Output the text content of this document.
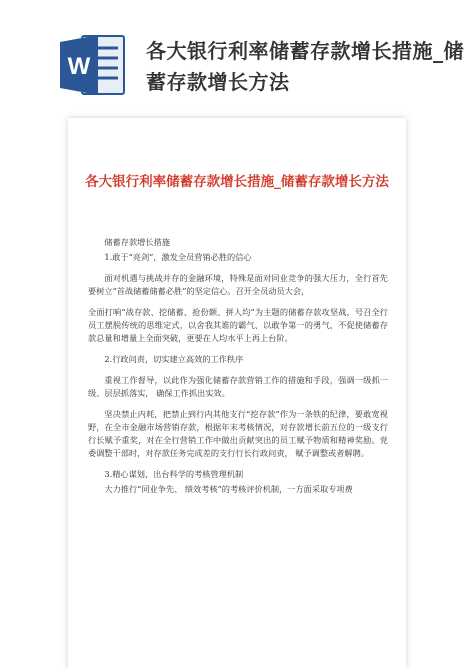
W
各大银行利率储蓄存款增长措施_储蓄存款增长方法
各大银行利率储蓄存款增长措施_储蓄存款增长方法

储蓄存款增长措施

1.敢于“亮剑”，激发全员营销必胜的信心

面对机遇与挑战并存的金融环境，特殊是面对同业竞争的强大压力，全行首先要树立“首战储蓄储蓄必胜”的坚定信心。召开全员动员大会，

全面打响“战存款、挖储蓄、抢份额、拼人均”为主题的储蓄存款攻坚战，号召全行员工摆脱传统的思维定式，以舍我其谁的霸气、以敢争第一的勇气，不促使储蓄存款总量和增量上全面突破，更要在人均水平上再上台阶。

2.行政问责，切实建立高效的工作秩序

重视工作督导，以此作为强化储蓄存款营销工作的措施和手段，强调一级抓一级、层层抓落实， 确保工作抓出实效。

坚决禁止内耗，把禁止到行内其他支行“挖存款”作为一条铁的纪律，要敢宽视野，在全市金融市场营销存款，根据年末考核情况，对存款增长前五位的一级支行行长赋予重奖，对在全行营销工作中做出贡献突出的员工赋予物质和精神奖励。党委调整干部时，对存款任务完成差的支行行长行政问责， 赋予调整或者解聘。

3.精心谋划，出台科学的考核管理机制

大力推行“同业争先、 绩效考核”的考核评价机制，一方面采取专项费
